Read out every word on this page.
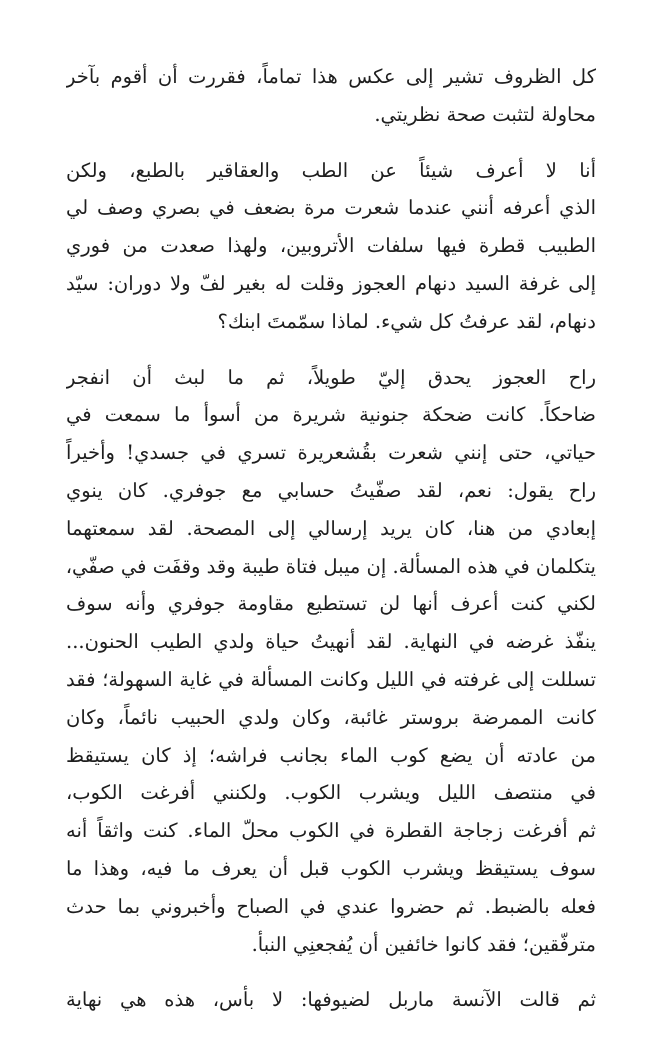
كل الظروف تشير إلى عكس هذا تماماً، فقررت أن أقوم بآخر
محاولة لتثبت صحة نظريتي.
أنا لا أعرف شيئاً عن الطب والعقاقير بالطبع، ولكن
الذي أعرفه أنني عندما شعرت مرة بضعف في بصري وصف لي
الطبيب قطرة فيها سلفات الأتروبين، ولهذا صعدت من فوري
إلى غرفة السيد دنهام العجوز وقلت له بغير لفّ ولا دوران: سيّد
دنهام، لقد عرفتُ كل شيء. لماذا سمّمتَ ابنك؟
راح العجوز يحدق إليّ طويلاً، ثم ما لبث أن انفجر
ضاحكاً. كانت ضحكة جنونية شريرة من أسوأ ما سمعت في
حياتي، حتى إنني شعرت بقُشعريرة تسري في جسدي! وأخيراً
راح يقول: نعم، لقد صفّيتُ حسابي مع جوفري. كان ينوي
إبعادي من هنا، كان يريد إرسالي إلى المصحة. لقد سمعتهما
يتكلمان في هذه المسألة. إن ميبل فتاة طيبة وقد وقفَت في صفّي،
لكني كنت أعرف أنها لن تستطيع مقاومة جوفري وأنه سوف
ينفّذ غرضه في النهاية. لقد أنهيتُ حياة ولدي الطيب الحنون...
تسللت إلى غرفته في الليل وكانت المسألة في غاية السهولة؛ فقد
كانت الممرضة بروستر غائبة، وكان ولدي الحبيب نائماً، وكان
من عادته أن يضع كوب الماء بجانب فراشه؛ إذ كان يستيقظ
في منتصف الليل ويشرب الكوب. ولكنني أفرغت الكوب،
ثم أفرغت زجاجة القطرة في الكوب محلّ الماء. كنت واثقاً أنه
سوف يستيقظ ويشرب الكوب قبل أن يعرف ما فيه، وهذا ما
فعله بالضبط. ثم حضروا عندي في الصباح وأخبروني بما حدث
مترفّقين؛ فقد كانوا خائفين أن يُفجعنِي النبأ.
ثم قالت الآنسة ماربل لضيوفها: لا بأس، هذه هي نهاية
